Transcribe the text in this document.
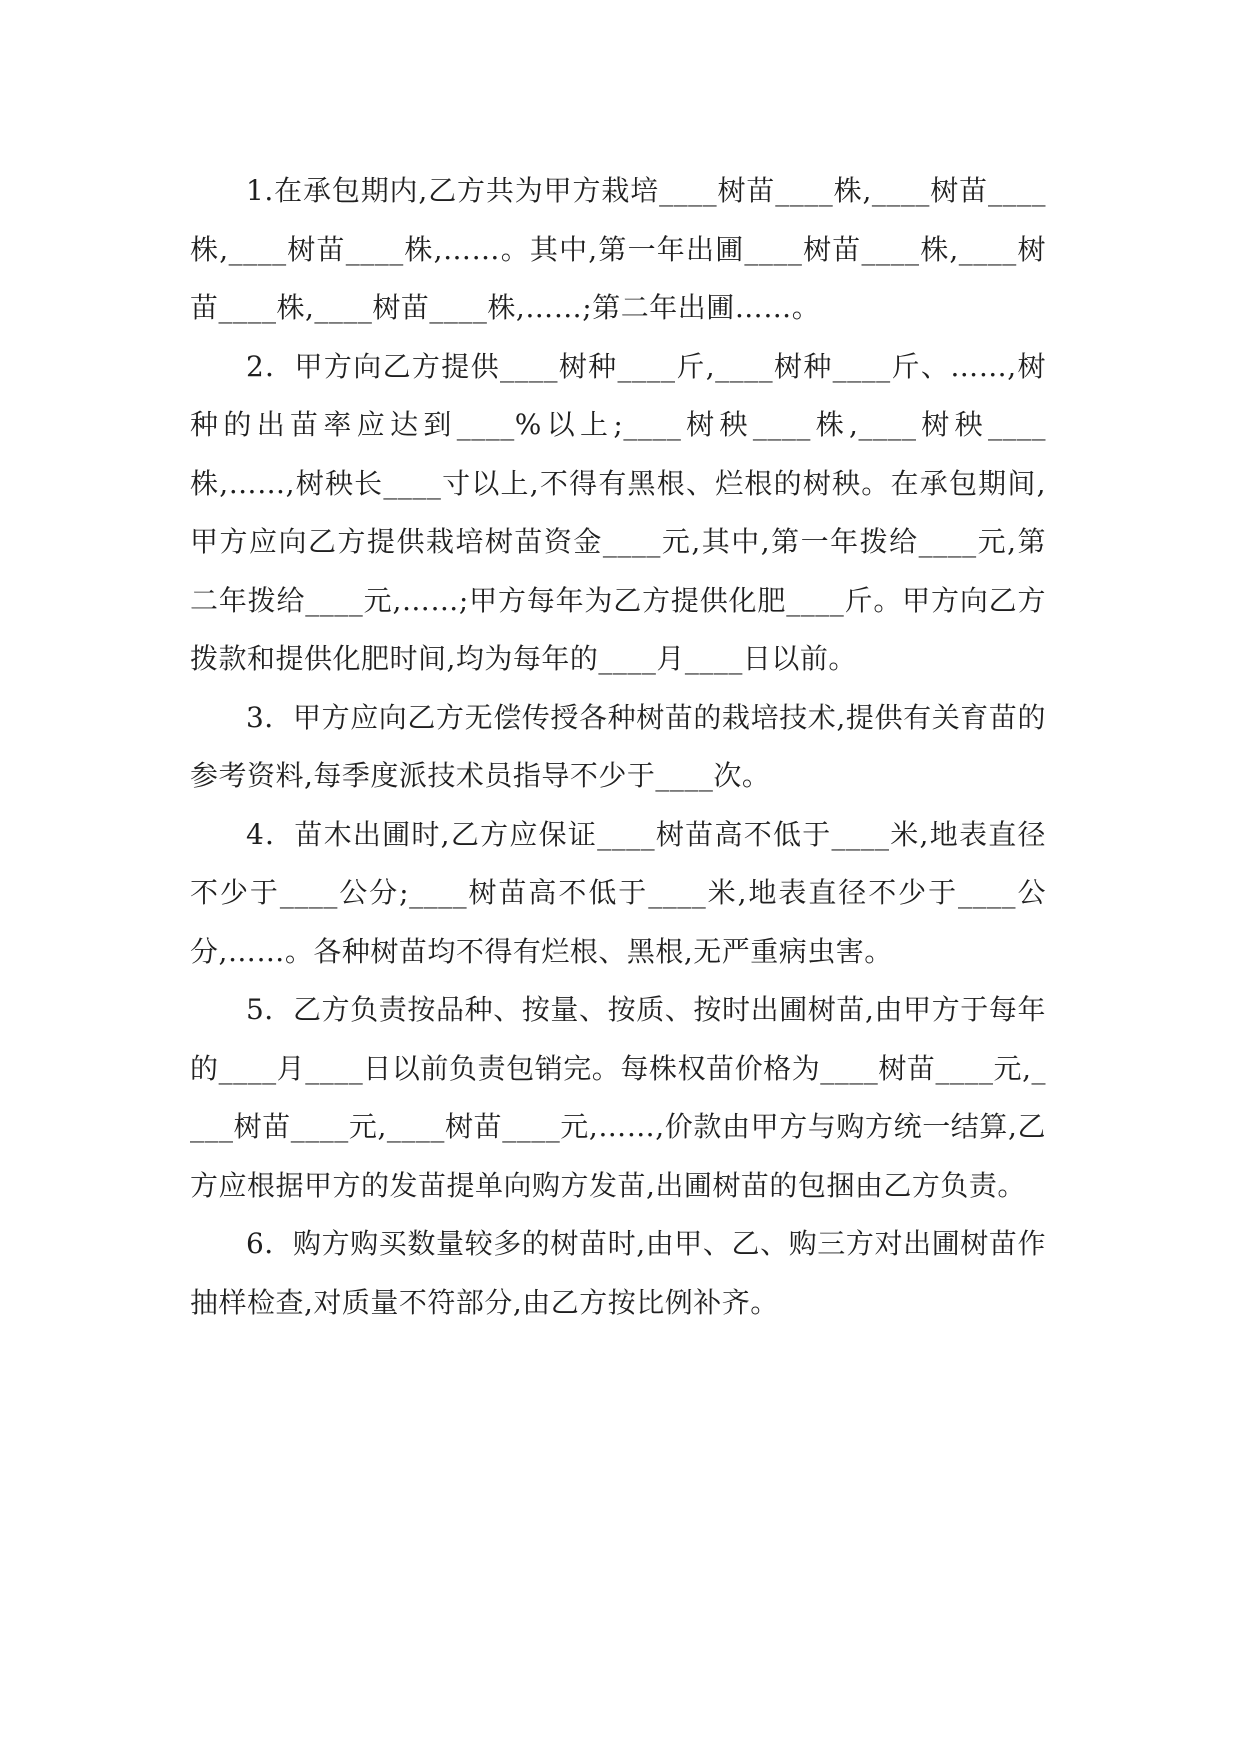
1.在承包期内,乙方共为甲方栽培____树苗____株,____树苗____株,____树苗____株,……。其中,第一年出圃____树苗____株,____树苗____株,____树苗____株,……;第二年出圃……。

2．甲方向乙方提供____树种____斤,____树种____斤、……,树种的出苗率应达到____%以上;____树秧____株,____树秧____株,……,树秧长____寸以上,不得有黑根、烂根的树秧。在承包期间,甲方应向乙方提供栽培树苗资金____元,其中,第一年拨给____元,第二年拨给____元,……;甲方每年为乙方提供化肥____斤。甲方向乙方拨款和提供化肥时间,均为每年的____月____日以前。

3．甲方应向乙方无偿传授各种树苗的栽培技术,提供有关育苗的参考资料,每季度派技术员指导不少于____次。

4．苗木出圃时,乙方应保证____树苗高不低于____米,地表直径不少于____公分;____树苗高不低于____米,地表直径不少于____公分,……。各种树苗均不得有烂根、黑根,无严重病虫害。

5．乙方负责按品种、按量、按质、按时出圃树苗,由甲方于每年的____月____日以前负责包销完。每株权苗价格为____树苗____元,____树苗____元,____树苗____元,……,价款由甲方与购方统一结算,乙方应根据甲方的发苗提单向购方发苗,出圃树苗的包捆由乙方负责。

6．购方购买数量较多的树苗时,由甲、乙、购三方对出圃树苗作抽样检查,对质量不符部分,由乙方按比例补齐。
